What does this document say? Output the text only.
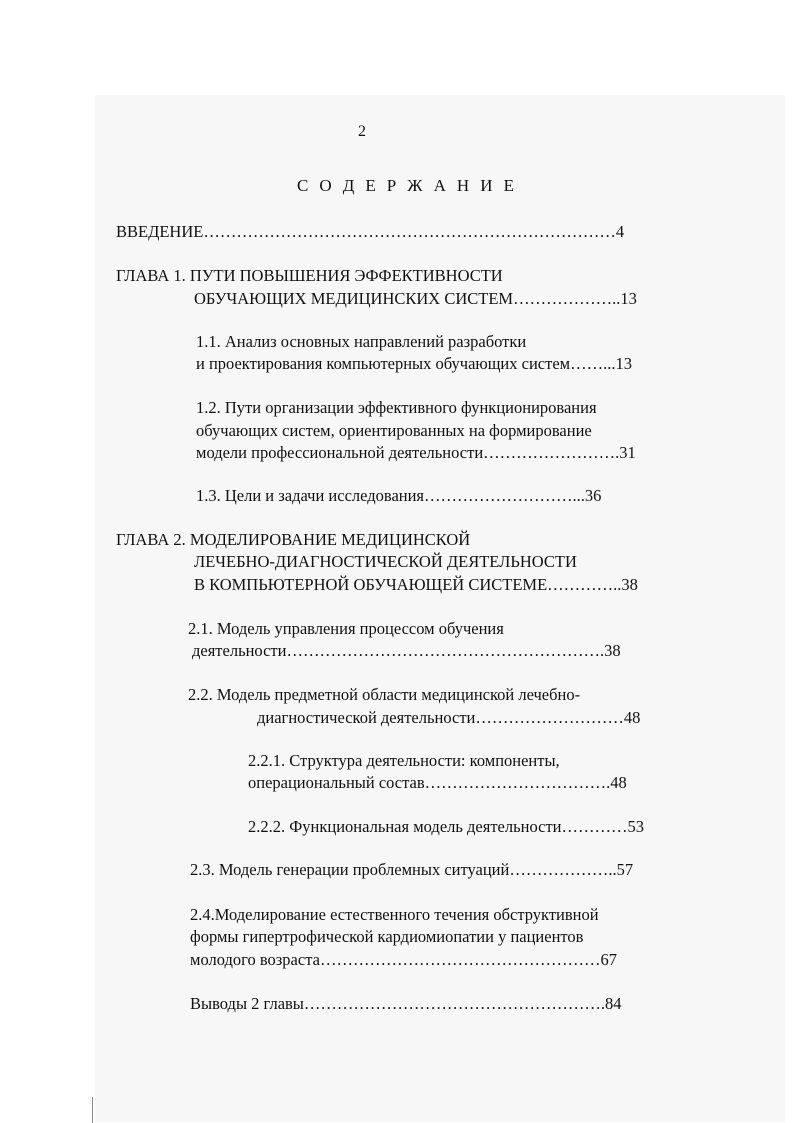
2
С О Д Е Р Ж А Н И Е
ВВЕДЕНИЕ…………………………………………………………………4
ГЛАВА 1. ПУТИ ПОВЫШЕНИЯ ЭФФЕКТИВНОСТИ
ОБУЧАЮЩИХ МЕДИЦИНСКИХ СИСТЕМ………………..13
1.1. Анализ основных направлений разработки
и проектирования компьютерных обучающих систем……...13
1.2. Пути организации эффективного функционирования
обучающих систем, ориентированных на формирование
модели профессиональной деятельности…………………….31
1.3. Цели и задачи исследования………………………...36
ГЛАВА 2. МОДЕЛИРОВАНИЕ МЕДИЦИНСКОЙ
ЛЕЧЕБНО-ДИАГНОСТИЧЕСКОЙ ДЕЯТЕЛЬНОСТИ
В КОМПЬЮТЕРНОЙ ОБУЧАЮЩЕЙ СИСТЕМЕ…………..38
2.1. Модель управления процессом обучения
деятельности………………………………………………….38
2.2. Модель предметной области медицинской лечебно-
диагностической деятельности………………………48
2.2.1. Структура деятельности: компоненты,
операциональный состав…………………………….48
2.2.2. Функциональная модель деятельности…………53
2.3. Модель генерации проблемных ситуаций………………..57
2.4.Моделирование естественного течения обструктивной
формы гипертрофической кардиомиопатии у пациентов
молодого возраста……………………………………………67
Выводы 2 главы……………………………………………….84
